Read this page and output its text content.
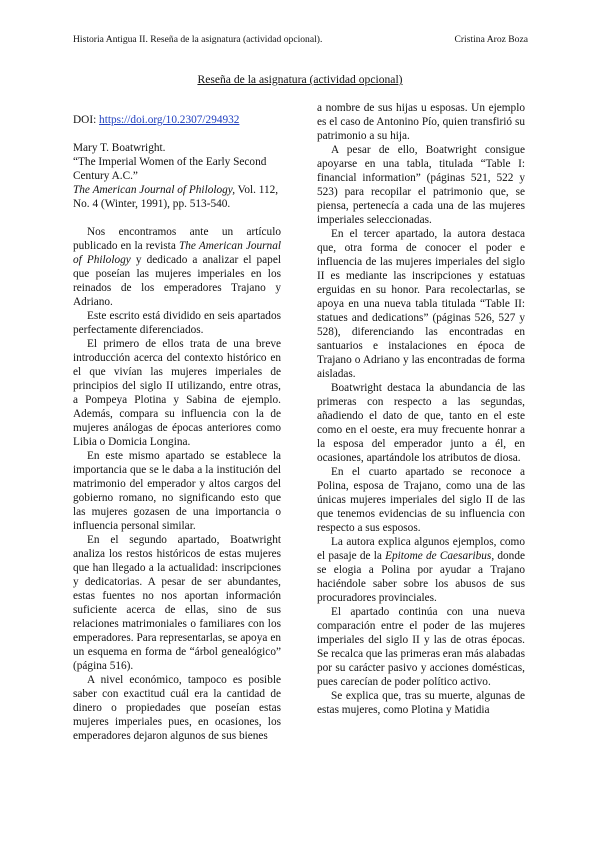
Historia Antigua II. Reseña de la asignatura (actividad opcional).	Cristina Aroz Boza
Reseña de la asignatura (actividad opcional)

DOI: https://doi.org/10.2307/294932

Mary T. Boatwright.
“The Imperial Women of the Early Second Century A.C.”
The American Journal of Philology, Vol. 112, No. 4 (Winter, 1991), pp. 513-540.

Nos encontramos ante un artículo publicado en la revista The American Journal of Philology y dedicado a analizar el papel que poseían las mujeres imperiales en los reinados de los emperadores Trajano y Adriano.

Este escrito está dividido en seis apartados perfectamente diferenciados.

El primero de ellos trata de una breve introducción acerca del contexto histórico en el que vivían las mujeres imperiales de principios del siglo II utilizando, entre otras, a Pompeya Plotina y Sabina de ejemplo. Además, compara su influencia con la de mujeres análogas de épocas anteriores como Libia o Domicia Longina.

En este mismo apartado se establece la importancia que se le daba a la institución del matrimonio del emperador y altos cargos del gobierno romano, no significando esto que las mujeres gozasen de una importancia o influencia personal similar.

En el segundo apartado, Boatwright analiza los restos históricos de estas mujeres que han llegado a la actualidad: inscripciones y dedicatorias. A pesar de ser abundantes, estas fuentes no nos aportan información suficiente acerca de ellas, sino de sus relaciones matrimoniales o familiares con los emperadores. Para representarlas, se apoya en un esquema en forma de “árbol genealógico” (página 516).

A nivel económico, tampoco es posible saber con exactitud cuál era la cantidad de dinero o propiedades que poseían estas mujeres imperiales pues, en ocasiones, los emperadores dejaron algunos de sus bienes

a nombre de sus hijas u esposas. Un ejemplo es el caso de Antonino Pío, quien transfirió su patrimonio a su hija.

A pesar de ello, Boatwright consigue apoyarse en una tabla, titulada “Table I: financial information” (páginas 521, 522 y 523) para recopilar el patrimonio que, se piensa, pertenecía a cada una de las mujeres imperiales seleccionadas.

En el tercer apartado, la autora destaca que, otra forma de conocer el poder e influencia de las mujeres imperiales del siglo II es mediante las inscripciones y estatuas erguidas en su honor. Para recolectarlas, se apoya en una nueva tabla titulada “Table II: statues and dedications” (páginas 526, 527 y 528), diferenciando las encontradas en santuarios e instalaciones en época de Trajano o Adriano y las encontradas de forma aisladas.

Boatwright destaca la abundancia de las primeras con respecto a las segundas, añadiendo el dato de que, tanto en el este como en el oeste, era muy frecuente honrar a la esposa del emperador junto a él, en ocasiones, apartándole los atributos de diosa.

En el cuarto apartado se reconoce a Polina, esposa de Trajano, como una de las únicas mujeres imperiales del siglo II de las que tenemos evidencias de su influencia con respecto a sus esposos.

La autora explica algunos ejemplos, como el pasaje de la Epitome de Caesaribus, donde se elogia a Polina por ayudar a Trajano haciéndole saber sobre los abusos de sus procuradores provinciales.

El apartado continúa con una nueva comparación entre el poder de las mujeres imperiales del siglo II y las de otras épocas. Se recalca que las primeras eran más alabadas por su carácter pasivo y acciones domésticas, pues carecían de poder político activo.

Se explica que, tras su muerte, algunas de estas mujeres, como Plotina y Matidia
